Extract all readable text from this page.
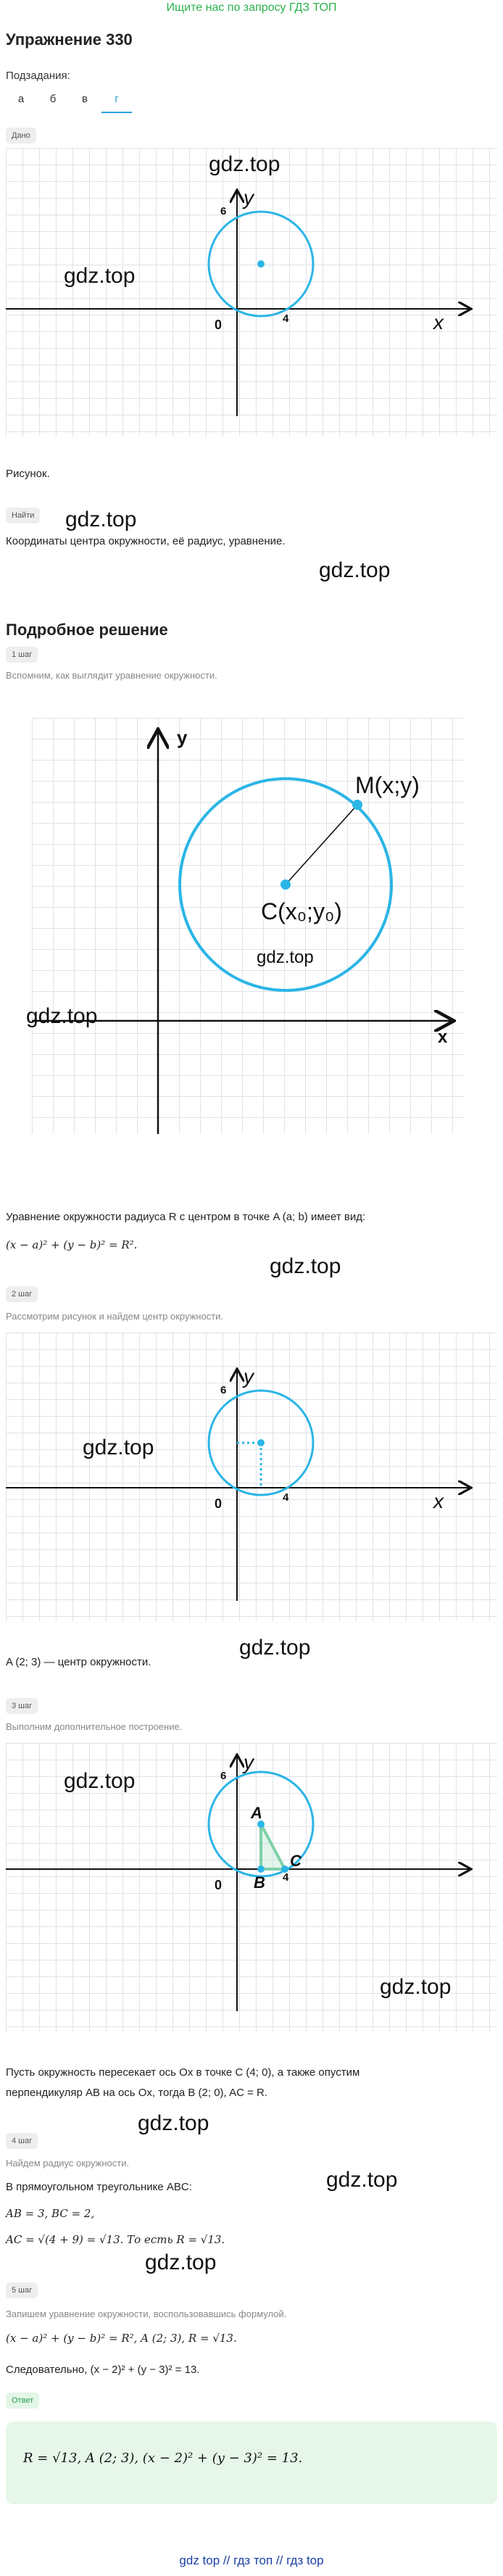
Ищите нас по запросу ГДЗ ТОП
Упражнение 330
Подзадания:
а	б	в	г
Дано
gdz.top
gdz.top
x
y
0
6
4
Рисунок.
Найти gdz.top
Координаты центра окружности, её радиус, уравнение.
gdz.top
Подробное решение
1 шаг
Вспомним, как выглядит уравнение окружности.
y
x
M(x;y)
C(x₀;y₀)
gdz.top
gdz.top
Уравнение окружности радиуса R с центром в точке A (a; b) имеет вид:
(x − a)² + (y − b)² = R².
gdz.top
2 шаг
Рассмотрим рисунок и найдем центр окружности.
gdz.top
x
y
0
6
4
A (2; 3) — центр окружности.
gdz.top
3 шаг
Выполним дополнительное построение.
gdz.top
gdz.top
y
0
6
4
A
B
C
Пусть окружность пересекает ось Ox в точке C (4; 0), а также опустим
перпендикуляр AB на ось Ox, тогда B (2; 0), AC = R.
gdz.top
4 шаг
Найдем радиус окружности.
gdz.top
В прямоугольном треугольнике ABC:
AB = 3, BC = 2,
AC = √(4 + 9) = √13. То есть R = √13.
gdz.top
5 шаг
Запишем уравнение окружности, воспользовавшись формулой.
(x − a)² + (y − b)² = R², A (2; 3), R = √13.
Следовательно, (x − 2)² + (y − 3)² = 13.
Ответ
R = √13, A (2; 3), (x − 2)² + (y − 3)² = 13.
gdz top // гдз топ // гдз top
